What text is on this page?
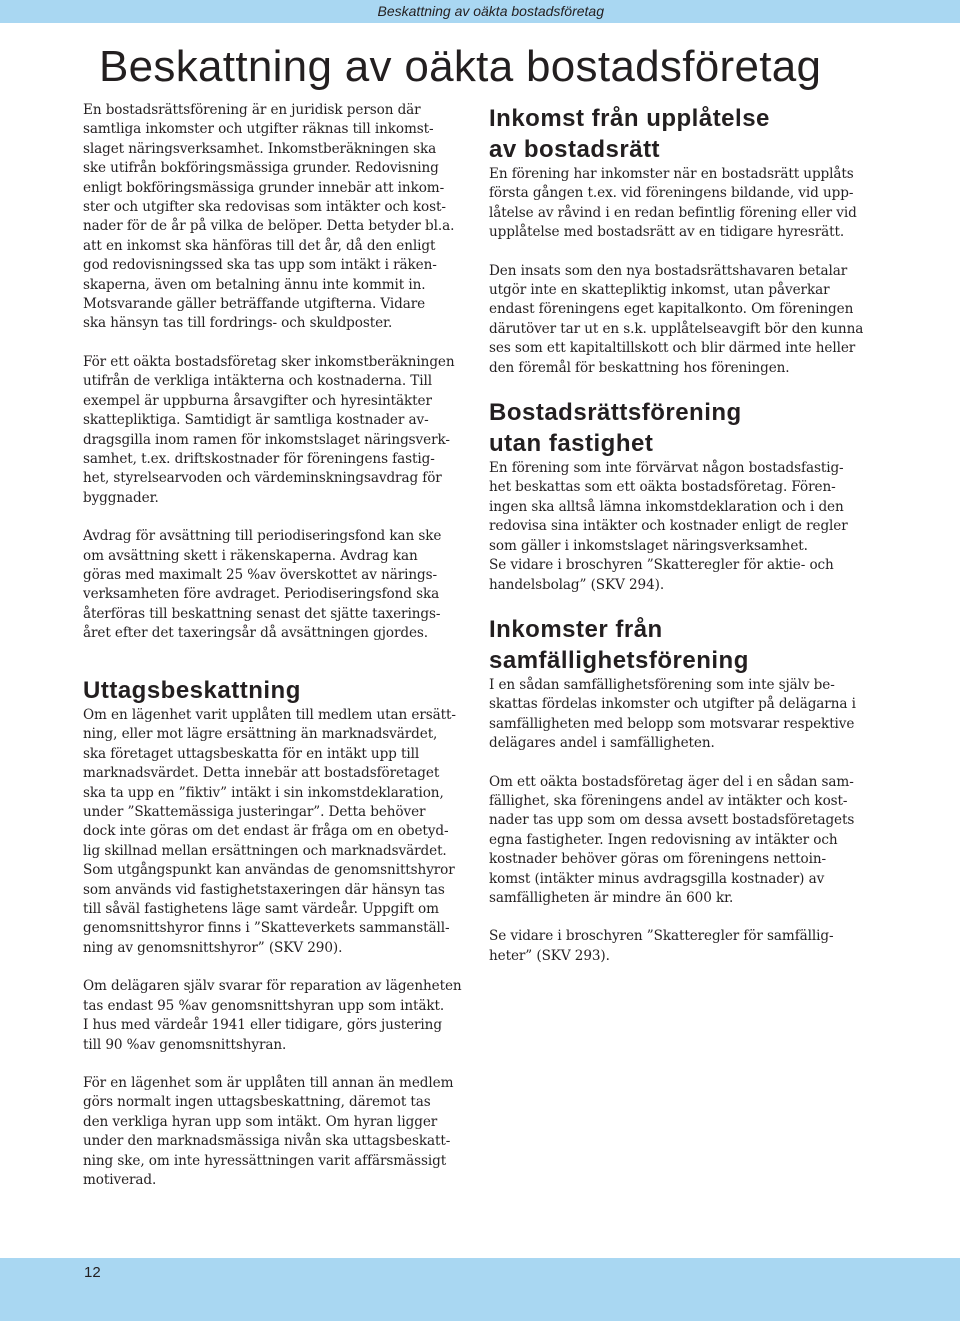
Beskattning av oäkta bostadsföretag
Beskattning av oäkta bostadsföretag

En bostadsrättsförening är en juridisk person där
samtliga inkomster och utgifter räknas till inkomst-
slaget näringsverksamhet. Inkomstberäkningen ska
ske utifrån bokföringsmässiga grunder. Redovisning
enligt bokföringsmässiga grunder innebär att inkom-
ster och utgifter ska redovisas som intäkter och kost-
nader för de år på vilka de belöper. Detta betyder bl.a.
att en inkomst ska hänföras till det år, då den enligt
god redovisningssed ska tas upp som intäkt i räken-
skaperna, även om betalning ännu inte kommit in.
Motsvarande gäller beträffande utgifterna. Vidare
ska hänsyn tas till fordrings- och skuldposter.

För ett oäkta bostadsföretag sker inkomstberäkningen
utifrån de verkliga intäkterna och kostnaderna. Till
exempel är uppburna årsavgifter och hyresintäkter
skattepliktiga. Samtidigt är samtliga kostnader av-
dragsgilla inom ramen för inkomstslaget näringsverk-
samhet, t.ex. driftskostnader för föreningens fastig-
het, styrelsearvoden och värdeminskningsavdrag för
byggnader.

Avdrag för avsättning till periodiseringsfond kan ske
om avsättning skett i räkenskaperna. Avdrag kan
göras med maximalt 25 %av överskottet av närings-
verksamheten före avdraget. Periodiseringsfond ska
återföras till beskattning senast det sjätte taxerings-
året efter det taxeringsår då avsättningen gjordes.

Uttagsbeskattning

Om en lägenhet varit upplåten till medlem utan ersätt-
ning, eller mot lägre ersättning än marknadsvärdet,
ska företaget uttagsbeskatta för en intäkt upp till
marknadsvärdet. Detta innebär att bostadsföretaget
ska ta upp en ”fiktiv” intäkt i sin inkomstdeklaration,
under ”Skattemässiga justeringar”. Detta behöver
dock inte göras om det endast är fråga om en obetyd-
lig skillnad mellan ersättningen och marknadsvärdet.
Som utgångspunkt kan användas de genomsnittshyror
som används vid fastighetstaxeringen där hänsyn tas
till såväl fastighetens läge samt värdeår. Uppgift om
genomsnittshyror finns i ”Skatteverkets sammanställ-
ning av genomsnittshyror” (SKV 290).

Om delägaren själv svarar för reparation av lägenheten
tas endast 95 %av genomsnittshyran upp som intäkt.
I hus med värdeår 1941 eller tidigare, görs justering
till 90 %av genomsnittshyran.

För en lägenhet som är upplåten till annan än medlem
görs normalt ingen uttagsbeskattning, däremot tas
den verkliga hyran upp som intäkt. Om hyran ligger
under den marknadsmässiga nivån ska uttagsbeskatt-
ning ske, om inte hyressättningen varit affärsmässigt
motiverad.

Inkomst från upplåtelse
av bostadsrätt

En förening har inkomster när en bostadsrätt upplåts
första gången t.ex. vid föreningens bildande, vid upp-
låtelse av råvind i en redan befintlig förening eller vid
upplåtelse med bostadsrätt av en tidigare hyresrätt.

Den insats som den nya bostadsrättshavaren betalar
utgör inte en skattepliktig inkomst, utan påverkar
endast föreningens eget kapitalkonto. Om föreningen
därutöver tar ut en s.k. upplåtelseavgift bör den kunna
ses som ett kapitaltillskott och blir därmed inte heller
den föremål för beskattning hos föreningen.

Bostadsrättsförening
utan fastighet

En förening som inte förvärvat någon bostadsfastig-
het beskattas som ett oäkta bostadsföretag. Fören-
ingen ska alltså lämna inkomstdeklaration och i den
redovisa sina intäkter och kostnader enligt de regler
som gäller i inkomstslaget näringsverksamhet.
Se vidare i broschyren ”Skatteregler för aktie- och
handelsbolag” (SKV 294).

Inkomster från
samfällighetsförening

I en sådan samfällighetsförening som inte själv be-
skattas fördelas inkomster och utgifter på delägarna i
samfälligheten med belopp som motsvarar respektive
delägares andel i samfälligheten.

Om ett oäkta bostadsföretag äger del i en sådan sam-
fällighet, ska föreningens andel av intäkter och kost-
nader tas upp som om dessa avsett bostadsföretagets
egna fastigheter. Ingen redovisning av intäkter och
kostnader behöver göras om föreningens nettoin-
komst (intäkter minus avdragsgilla kostnader) av
samfälligheten är mindre än 600 kr.

Se vidare i broschyren ”Skatteregler för samfällig-
heter” (SKV 293).

12
